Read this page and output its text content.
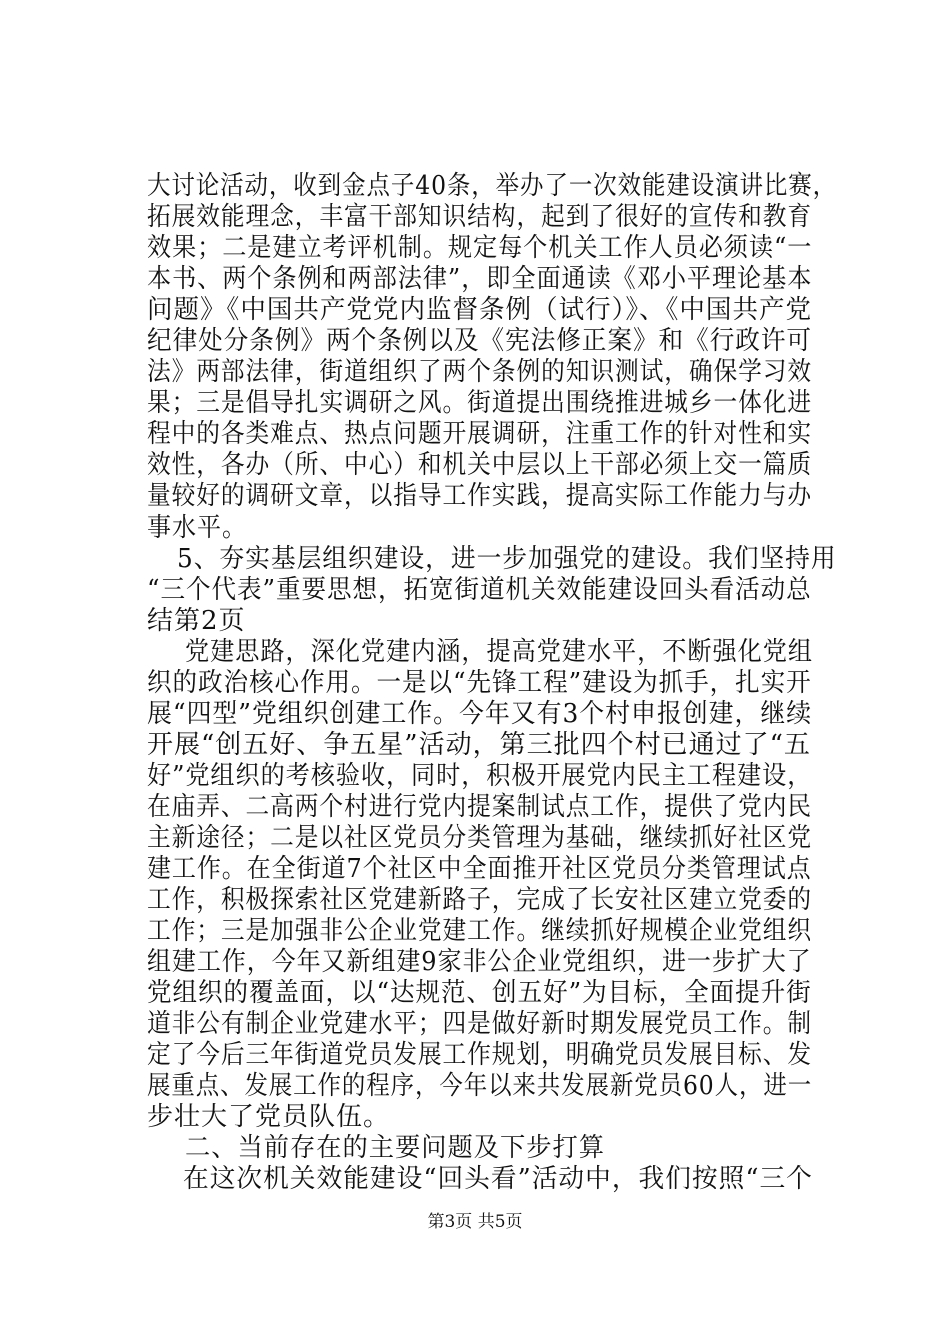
大讨论活动，收到金点子40条，举办了一次效能建设演讲比赛，
拓展效能理念，丰富干部知识结构，起到了很好的宣传和教育
效果；二是建立考评机制。规定每个机关工作人员必须读“一
本书、两个条例和两部法律”，即全面通读《邓小平理论基本
问题》《中国共产党党内监督条例（试行）》、《中国共产党
纪律处分条例》两个条例以及《宪法修正案》和《行政许可
法》两部法律，街道组织了两个条例的知识测试，确保学习效
果；三是倡导扎实调研之风。街道提出围绕推进城乡一体化进
程中的各类难点、热点问题开展调研，注重工作的针对性和实
效性，各办（所、中心）和机关中层以上干部必须上交一篇质
量较好的调研文章，以指导工作实践，提高实际工作能力与办
事水平。
5、夯实基层组织建设，进一步加强党的建设。我们坚持用
“三个代表”重要思想，拓宽街道机关效能建设回头看活动总
结第2页
党建思路，深化党建内涵，提高党建水平，不断强化党组
织的政治核心作用。一是以“先锋工程”建设为抓手，扎实开
展“四型”党组织创建工作。今年又有3个村申报创建，继续
开展“创五好、争五星”活动，第三批四个村已通过了“五
好”党组织的考核验收，同时，积极开展党内民主工程建设，
在庙弄、二高两个村进行党内提案制试点工作，提供了党内民
主新途径；二是以社区党员分类管理为基础，继续抓好社区党
建工作。在全街道7个社区中全面推开社区党员分类管理试点
工作，积极探索社区党建新路子，完成了长安社区建立党委的
工作；三是加强非公企业党建工作。继续抓好规模企业党组织
组建工作，今年又新组建9家非公企业党组织，进一步扩大了
党组织的覆盖面，以“达规范、创五好”为目标，全面提升街
道非公有制企业党建水平；四是做好新时期发展党员工作。制
定了今后三年街道党员发展工作规划，明确党员发展目标、发
展重点、发展工作的程序，今年以来共发展新党员60人，进一
步壮大了党员队伍。
二、当前存在的主要问题及下步打算
在这次机关效能建设“回头看”活动中，我们按照“三个
第3页 共5页
